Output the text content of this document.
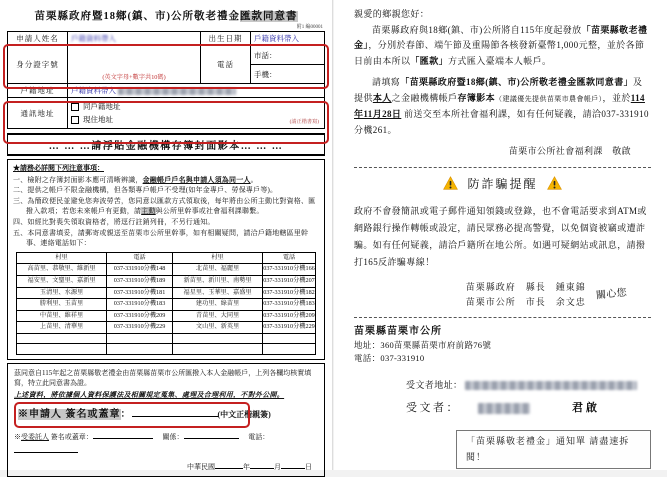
苗栗縣政府暨18鄉(鎮、市)公所敬老禮金匯款同意書
附1 編00001
申請人姓名	戶籍資料帶入	出生日期	戶籍資料帶入
身分證字號	(英文字母+數字共10碼)	電話	市話：
			手機：
戶籍地址	戶籍資料帶入		
通訊地址	同戶籍地址
現住地址 (請正楷書寫)		
… … …請浮貼金融機構存簿封面影本… … …
★請務必詳閱下列注意事項：
一、檢附之存簿封面影本應可清晰辨識，金融帳戶戶名與申請人須為同一人。
二、提供之帳戶不限金融機構，但各類專戶帳戶不受理(如年金專戶、勞保專戶等)。
三、為簡政便民並避免您奔波勞苦，您同意以匯款方式領取後，每年將由公所主動比對資格、匯撥入款項；若您未來帳戶有更動，請主動與公所里幹事或社會福利課聯繫。
四、如經比對喪失領取資格者，將逕行註銷列冊，不另行通知。
五、本同意書填妥，請郵寄或親送至苗栗市公所里幹事，如有相關疑問，請洽戶籍地轄區里幹事、連絡電話如下：
村里	電話	村里	電話
高苗里、恭敬里、維新里	037-331910分機148	北苗里、福麗里	037-331910分機166
福安里、文聖里、嘉新里	037-331910分機189	新苗里、新川里、南勢里	037-331910分機207
玉清里、水源里	037-331910分機181	福星里、玉華里、嘉盛里	037-331910分機182
勝利里、玉苗里	037-331910分機183	建功里、綠苗里	037-331910分機183
中苗里、維祥里	037-331910分機209	青苗里、大同里	037-331910分機209
上苗里、清華里	037-331910分機229	文山里、新英里	037-331910分機229

茲同意自115年起之苗栗縣敬老禮金由苗栗縣苗栗市公所匯撥入本人金融帳戶，上列各欄均核實填寫，特立此同意書為證。
上述資料，將依據個人資料保護法及相關規定蒐集、處理及合理利用，不對外公開。
※申請人 簽名或蓋章：	(中文正楷親簽)
※受委託人 簽名或蓋章：	關係：	電話：
中華民國	年	月	日
親愛的鄉親您好：

苗栗縣政府與18鄉(鎮、市)公所將自115年度起發放「苗栗縣敬老禮金」，分別於春節、端午節及重陽節各核發新臺幣1,000元整，並於各節日前由本所以「匯款」方式匯入臺端本人帳戶。

請填寫「苗栗縣政府暨18鄉(鎮、市)公所敬老禮金匯款同意書」及提供本人之金融機構帳戶存簿影本（建議優先提供苗栗市農會帳戶），並於114年11月28日 前送交至本所社會福利課，如有任何疑義，請洽037-331910分機261。

苗栗市公所社會福利課　敬啟
防詐騙提醒

政府不會發簡訊或電子郵件通知領錢或登錄，也不會電話要求到ATM或網路銀行操作轉帳或設定，請民眾務必提高警覺，以免個資被竊或遭詐騙。如有任何疑義，請洽戶籍所在地公所。如遇可疑網站或訊息，請撥打165反詐騙專線！

苗栗縣政府　縣長　鍾東錦
苗栗市公所　市長　余文忠
關心您
苗栗縣苗栗市公所
地址：360苗栗縣苗栗市府前路76號
電話：037-331910
受文者地址：
受文者：	君啟
「苗栗縣敬老禮金」通知單 請盡速拆閱！
